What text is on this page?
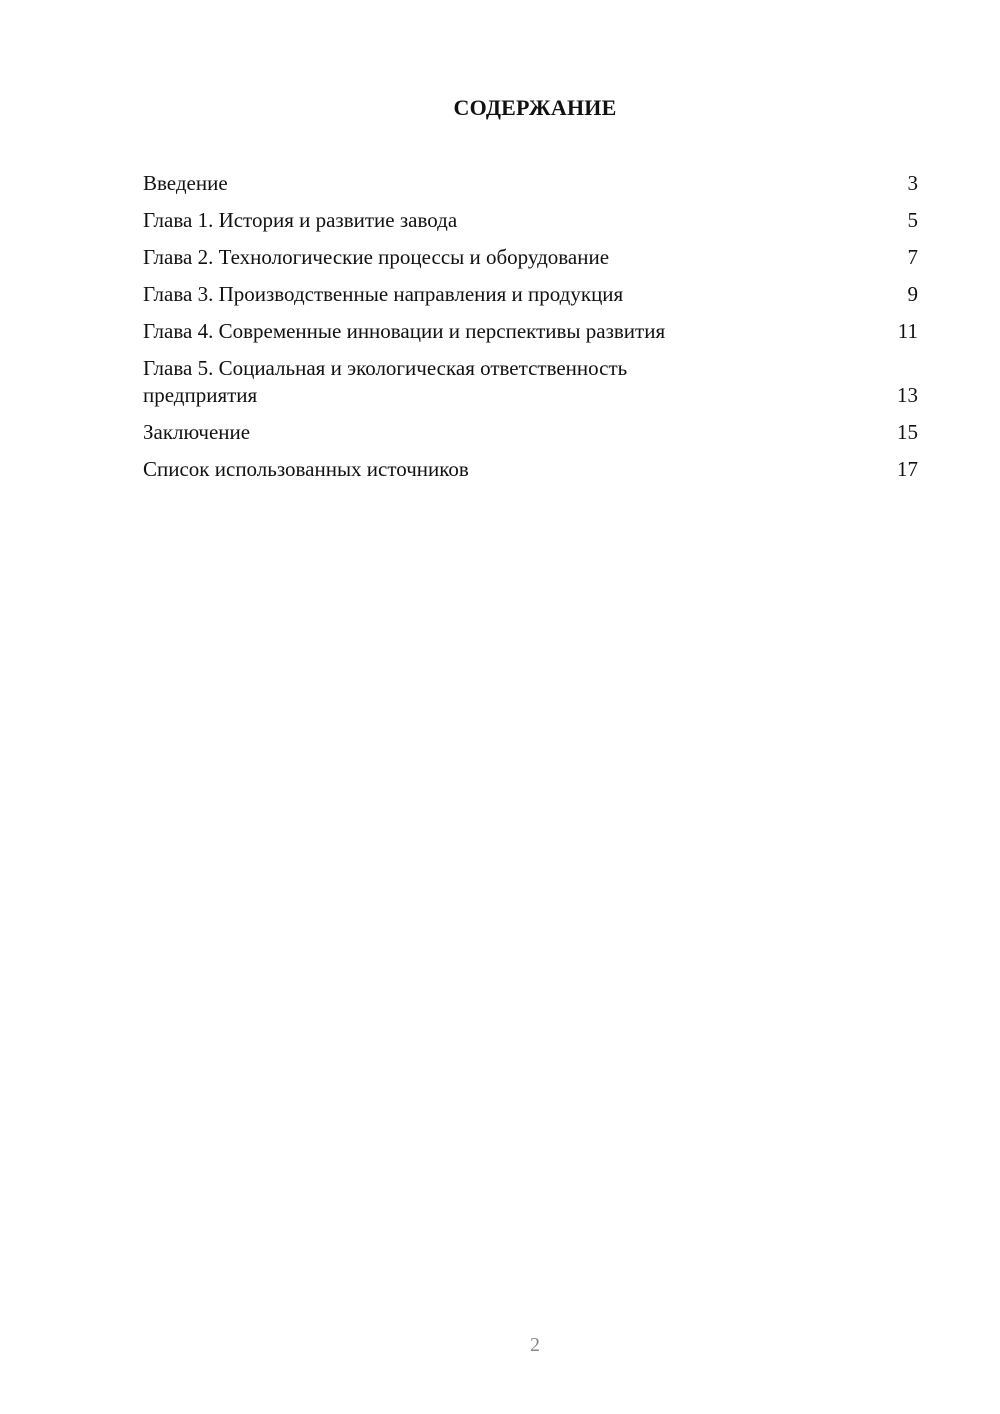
СОДЕРЖАНИЕ
Введение	3
Глава 1. История и развитие завода	5
Глава 2. Технологические процессы и оборудование	7
Глава 3. Производственные направления и продукция	9
Глава 4. Современные инновации и перспективы развития	11
Глава 5. Социальная и экологическая ответственность предприятия	13
Заключение	15
Список использованных источников	17
2
